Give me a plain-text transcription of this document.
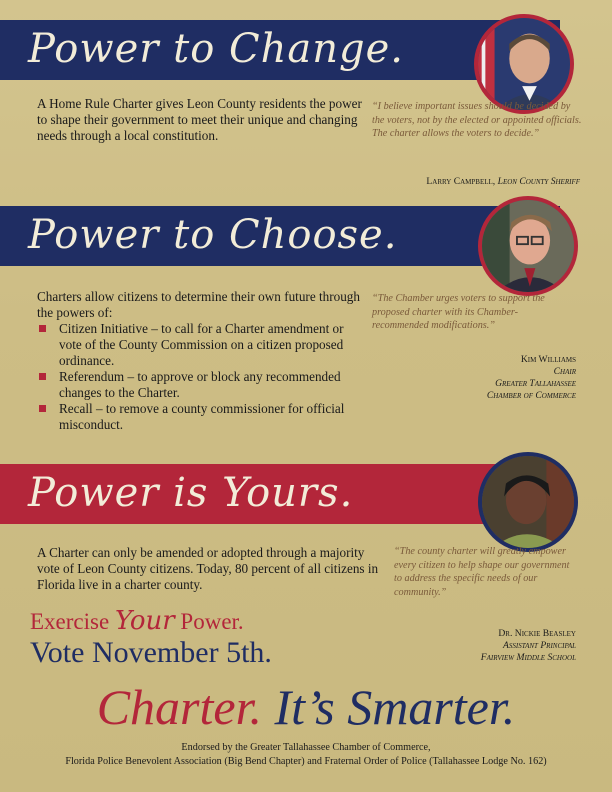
Power to Change.
A Home Rule Charter gives Leon County residents the power to shape their government to meet their unique and changing needs through a local constitution.
“I believe important issues should be decided by the voters, not by the elected or appointed officials. The charter allows the voters to decide.”
Larry Campbell, Leon County Sheriff
Power to Choose.
Charters allow citizens to determine their own future through the powers of:
Citizen Initiative – to call for a Charter amendment or vote of the County Commission on a citizen proposed ordinance.
Referendum – to approve or block any recommended changes to the Charter.
Recall – to remove a county commissioner for official misconduct.
“The Chamber urges voters to support the proposed charter with its Chamber-recommended modifications.”
Kim Williams
Chair
Greater Tallahassee
Chamber of Commerce
Power is Yours.
A Charter can only be amended or adopted through a majority vote of Leon County citizens. Today, 80 percent of all citizens in Florida live in a charter county.
“The county charter will greatly empower every citizen to help shape our government to address the specific needs of our community.”
Dr. Nickie Beasley
Assistant Principal
Fairview Middle School
Exercise Your Power.
Vote November 5th.
Charter. It’s Smarter.
Endorsed by the Greater Tallahassee Chamber of Commerce,
Florida Police Benevolent Association (Big Bend Chapter) and Fraternal Order of Police (Tallahassee Lodge No. 162)
